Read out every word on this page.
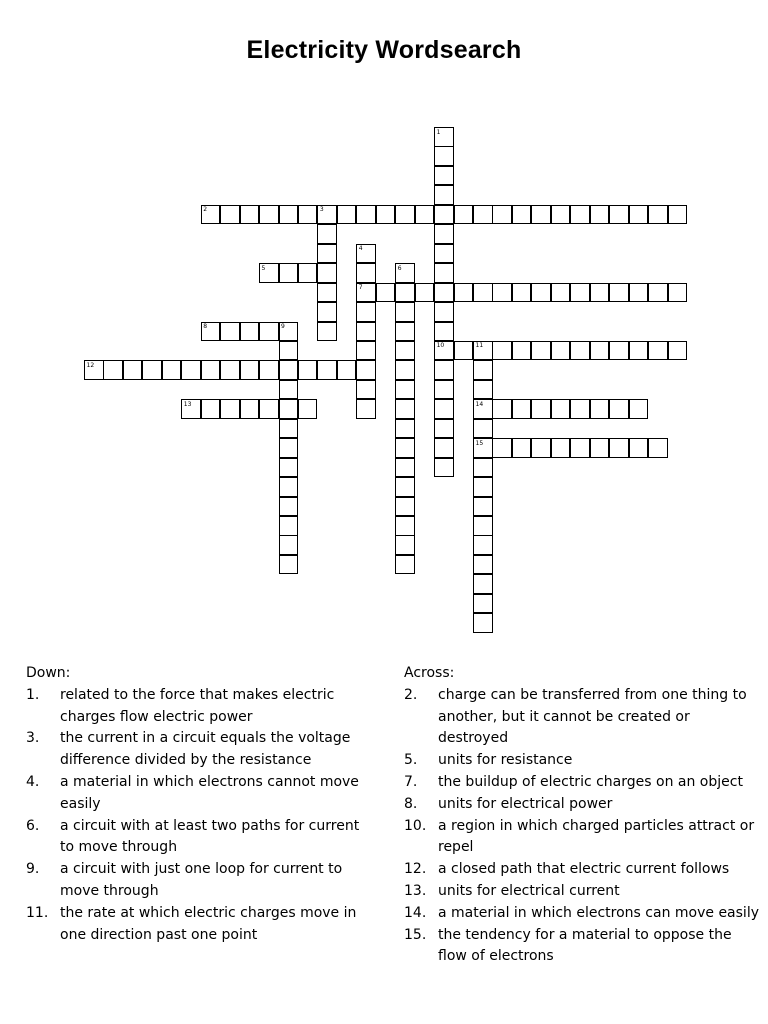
Electricity Wordsearch
1
2	3
4
5	6
7
8	9
10	11
12
13	14
15
Down:
1.	related to the force that makes electric charges flow electric power
3.	the current in a circuit equals the voltage difference divided by the resistance
4.	a material in which electrons cannot move easily
6.	a circuit with at least two paths for current to move through
9.	a circuit with just one loop for current to move through
11. the rate at which electric charges move in one direction past one point
Across:
2.	charge can be transferred from one thing to another, but it cannot be created or destroyed
5.	units for resistance
7.	the buildup of electric charges on an object
8.	units for electrical power
10. a region in which charged particles attract or repel
12. a closed path that electric current follows
13. units for electrical current
14. a material in which electrons can move easily
15. the tendency for a material to oppose the flow of electrons
